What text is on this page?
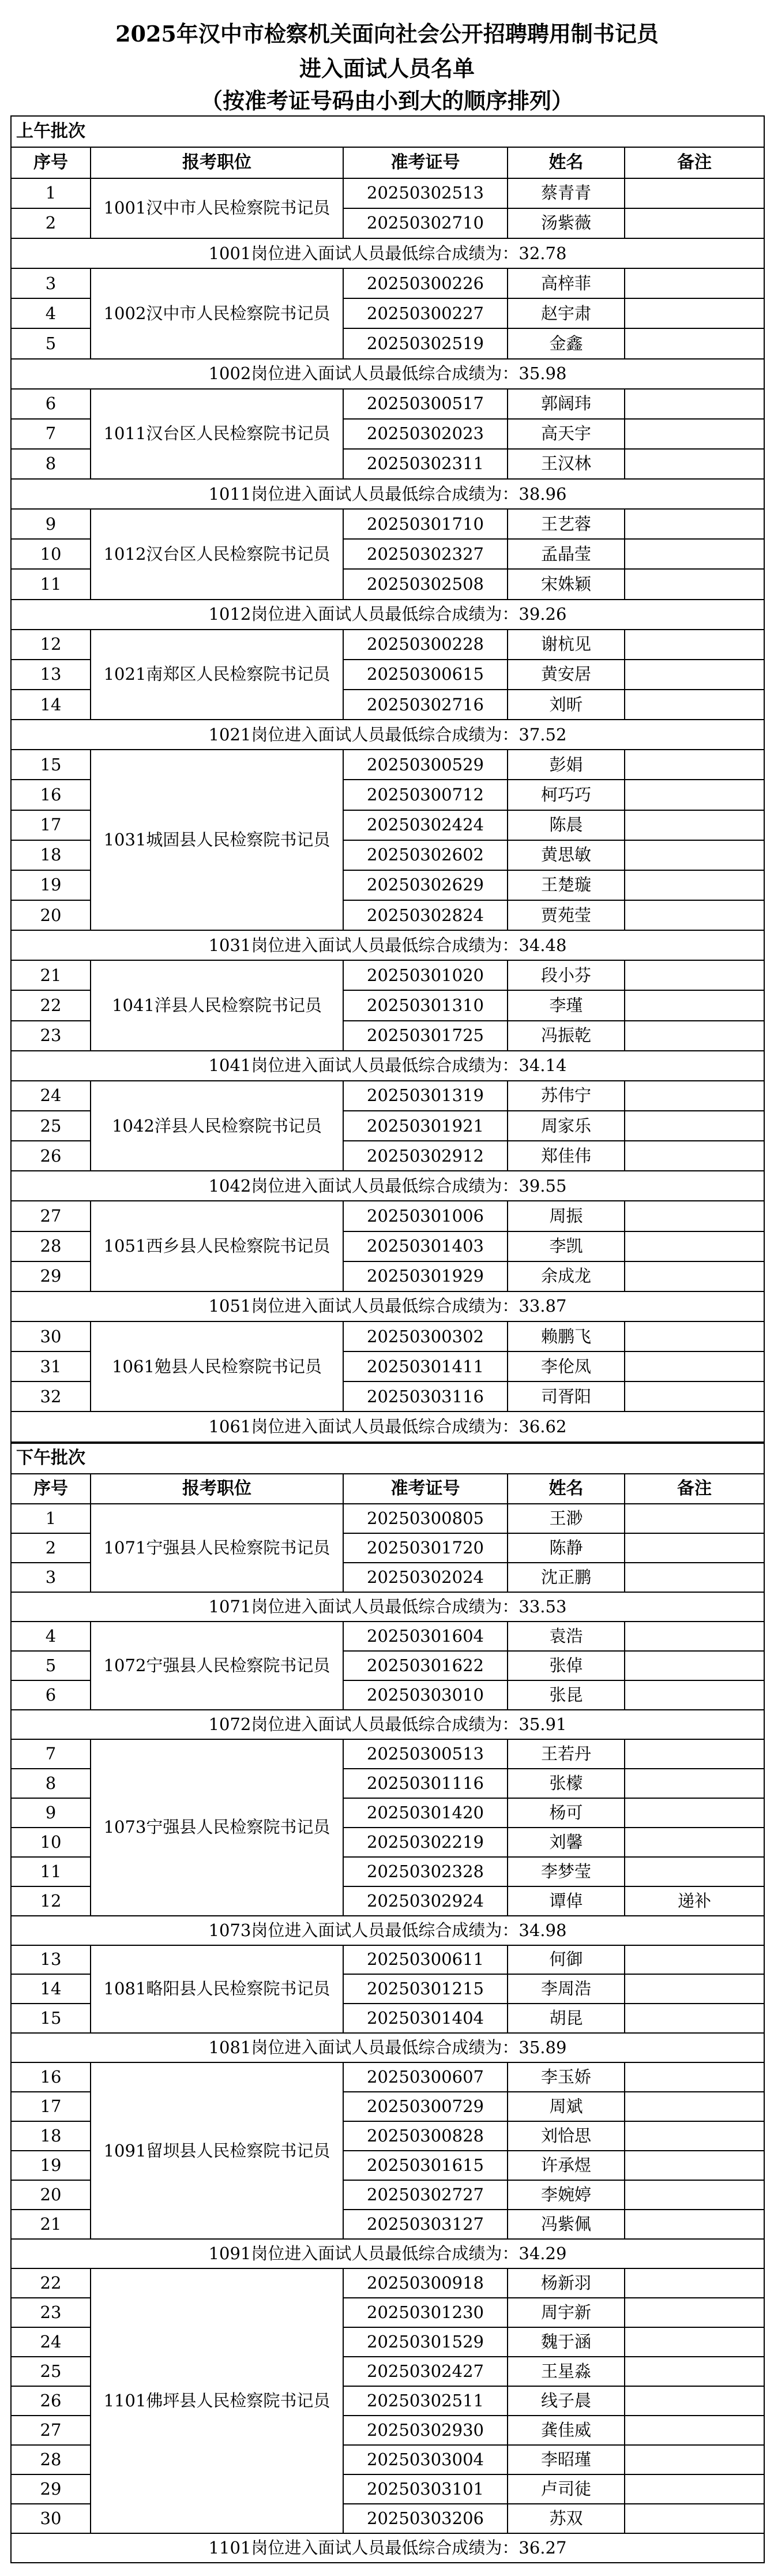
2025年汉中市检察机关面向社会公开招聘聘用制书记员
进入面试人员名单
（按准考证号码由小到大的顺序排列）
上午批次				
序号	报考职位	准考证号	姓名	备注
1	1001汉中市人民检察院书记员	20250302513	蔡青青	
2		20250302710	汤紫薇	
1001岗位进入面试人员最低综合成绩为：32.78				
3	1002汉中市人民检察院书记员	20250300226	高梓菲	
4		20250300227	赵宇肃	
5		20250302519	金鑫	
1002岗位进入面试人员最低综合成绩为：35.98				
6	1011汉台区人民检察院书记员	20250300517	郭阔玮	
7		20250302023	高天宇	
8		20250302311	王汉林	
1011岗位进入面试人员最低综合成绩为：38.96				
9	1012汉台区人民检察院书记员	20250301710	王艺蓉	
10		20250302327	孟晶莹	
11		20250302508	宋姝颖	
1012岗位进入面试人员最低综合成绩为：39.26				
12	1021南郑区人民检察院书记员	20250300228	谢杭见	
13		20250300615	黄安居	
14		20250302716	刘昕	
1021岗位进入面试人员最低综合成绩为：37.52				
15	1031城固县人民检察院书记员	20250300529	彭娟	
16		20250300712	柯巧巧	
17		20250302424	陈晨	
18		20250302602	黄思敏	
19		20250302629	王楚璇	
20		20250302824	贾苑莹	
1031岗位进入面试人员最低综合成绩为：34.48				
21	1041洋县人民检察院书记员	20250301020	段小芬	
22		20250301310	李瑾	
23		20250301725	冯振乾	
1041岗位进入面试人员最低综合成绩为：34.14				
24	1042洋县人民检察院书记员	20250301319	苏伟宁	
25		20250301921	周家乐	
26		20250302912	郑佳伟	
1042岗位进入面试人员最低综合成绩为：39.55				
27	1051西乡县人民检察院书记员	20250301006	周振	
28		20250301403	李凯	
29		20250301929	余成龙	
1051岗位进入面试人员最低综合成绩为：33.87				
30	1061勉县人民检察院书记员	20250300302	赖鹏飞	
31		20250301411	李伦凤	
32		20250303116	司胥阳	
1061岗位进入面试人员最低综合成绩为：36.62				
下午批次				
序号	报考职位	准考证号	姓名	备注
1	1071宁强县人民检察院书记员	20250300805	王渺	
2		20250301720	陈静	
3		20250302024	沈正鹏	
1071岗位进入面试人员最低综合成绩为：33.53				
4	1072宁强县人民检察院书记员	20250301604	袁浩	
5		20250301622	张倬	
6		20250303010	张昆	
1072岗位进入面试人员最低综合成绩为：35.91				
7	1073宁强县人民检察院书记员	20250300513	王若丹	
8		20250301116	张檬	
9		20250301420	杨可	
10		20250302219	刘馨	
11		20250302328	李梦莹	
12		20250302924	谭倬	递补
1073岗位进入面试人员最低综合成绩为：34.98				
13	1081略阳县人民检察院书记员	20250300611	何御	
14		20250301215	李周浩	
15		20250301404	胡昆	
1081岗位进入面试人员最低综合成绩为：35.89				
16	1091留坝县人民检察院书记员	20250300607	李玉娇	
17		20250300729	周斌	
18		20250300828	刘恰思	
19		20250301615	许承煜	
20		20250302727	李婉婷	
21		20250303127	冯紫佩	
1091岗位进入面试人员最低综合成绩为：34.29				
22	1101佛坪县人民检察院书记员	20250300918	杨新羽	
23		20250301230	周宇新	
24		20250301529	魏于涵	
25		20250302427	王星淼	
26		20250302511	线子晨	
27		20250302930	龚佳威	
28		20250303004	李昭瑾	
29		20250303101	卢司徒	
30		20250303206	苏双	
1101岗位进入面试人员最低综合成绩为：36.27				
